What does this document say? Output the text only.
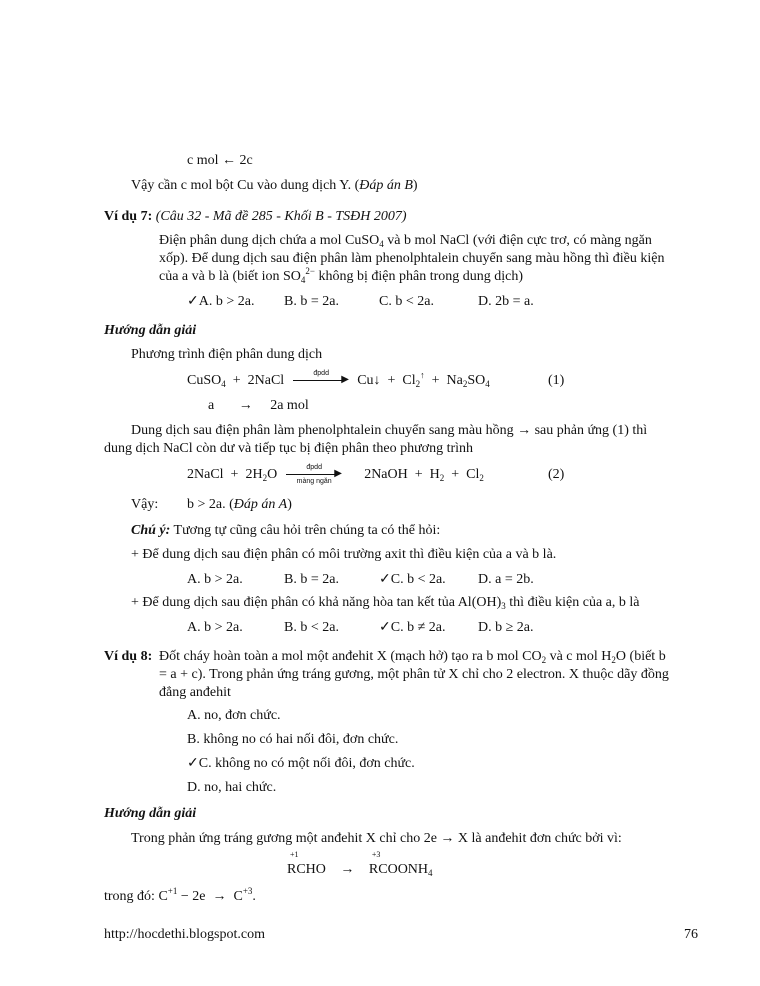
c mol ← 2c
Vậy cần c mol bột Cu vào dung dịch Y. (Đáp án B)
Ví dụ 7: (Câu 32 - Mã đề 285 - Khối B - TSĐH 2007)
Điện phân dung dịch chứa a mol CuSO$_4$ và b mol NaCl (với điện cực trơ, có màng ngăn
xốp). Để dung dịch sau điện phân làm phenolphtalein chuyển sang màu hồng thì điều kiện
của a và b là (biết ion $SO_4^{2-}$ không bị điện phân trong dung dịch)
✓A. b > 2a. B. b = 2a.	C. b < 2a.	D. 2b = a.
Hướng dẫn giải
Phương trình điện phân dung dịch
CuSO$_4$  +  2NaCl	đpdd
▶ Cu↓  +  $Cl_2^↑ + Na_2SO_4$	(1)
a       →     2a mol
Dung dịch sau điện phân làm phenolphtalein chuyển sang màu hồng → sau phản ứng (1) thì
dung dịch NaCl còn dư và tiếp tục bị điện phân theo phương trình
2NaCl  +  $2H_2O$	đpdd
▶
màng ngăn	2NaOH  +  $H_2 + Cl_2$	(2)
Vậy: b > 2a. (Đáp án A)
Chú ý: Tương tự cũng câu hỏi trên chúng ta có thể hỏi:
+ Để dung dịch sau điện phân có môi trường axit thì điều kiện của a và b là.
A. b > 2a.	B. b = 2a.	✓C. b < 2a. D. a = 2b.
+ Để dung dịch sau điện phân có khả năng hòa tan kết tủa $Al(OH)_3$ thì điều kiện của a, b là
A. b > 2a.	B. b < 2a.	✓C. b ≠ 2a. D. b ≥ 2a.
Ví dụ 8: Đốt cháy hoàn toàn a mol một anđehit X (mạch hở) tạo ra b mol $CO_2$ và c mol $H_2O$ (biết b
= a + c). Trong phản ứng tráng gương, một phân tử X chỉ cho 2 electron. X thuộc dãy đồng
đẳng anđehit
A. no, đơn chức.
B. không no có hai nối đôi, đơn chức.
✓C. không no có một nối đôi, đơn chức.
D. no, hai chức.
Hướng dẫn giải
Trong phản ứng tráng gương một anđehit X chỉ cho 2e → X là anđehit đơn chức bởi vì:
+1
RCHO →
+3
$RCOONH_4$
trong đó: $C^{+1} - 2e \to C^{+3}$.
http://hocdethi.blogspot.com	76
